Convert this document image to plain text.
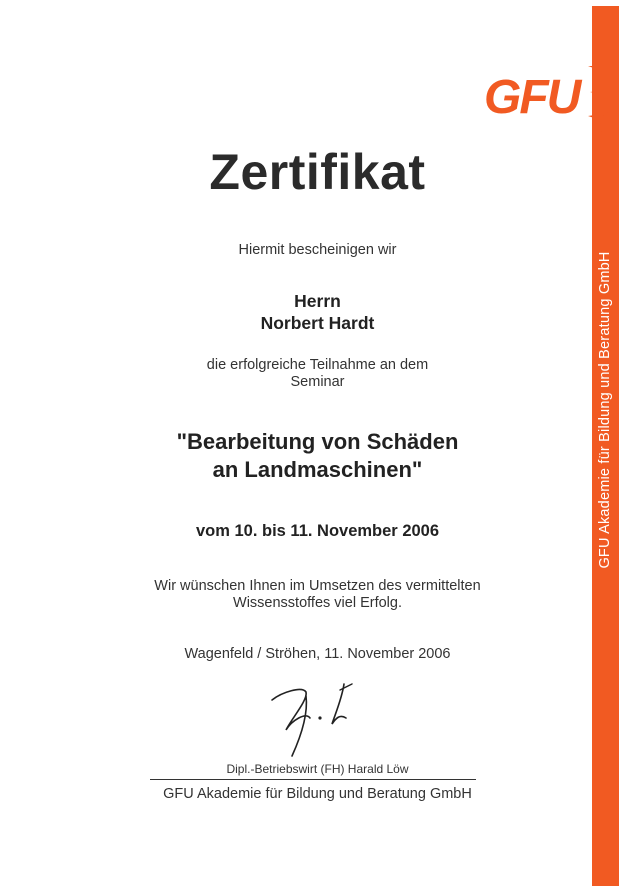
GFU Akademie für Bildung und Beratung GmbH
GFU
Zertifikat
Hiermit bescheinigen wir
Herrn
Norbert Hardt
die erfolgreiche Teilnahme an dem
Seminar
"Bearbeitung von Schäden
an Landmaschinen"
vom 10. bis 11. November 2006
Wir wünschen Ihnen im Umsetzen des vermittelten
Wissensstoffes viel Erfolg.
Wagenfeld / Ströhen, 11. November 2006
Dipl.-Betriebswirt (FH) Harald Löw
GFU Akademie für Bildung und Beratung GmbH
